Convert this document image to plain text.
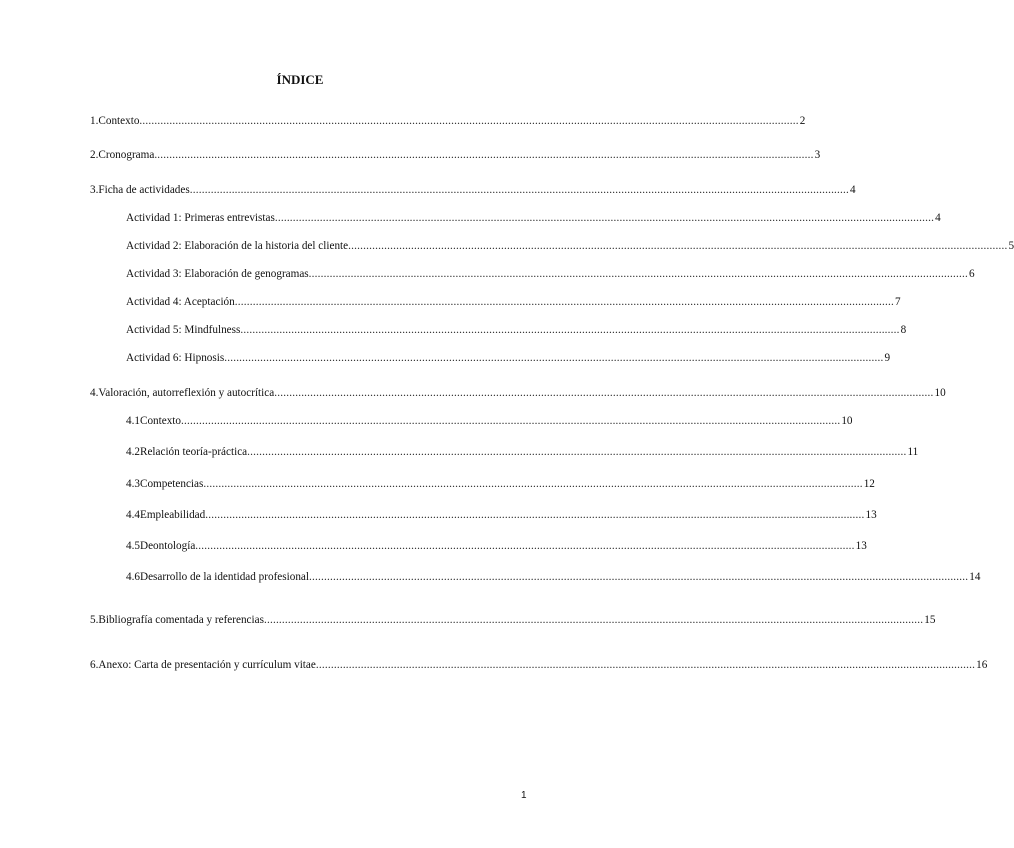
ÍNDICE
1. Contexto ............................................................................................................................................................................................................................ 2
2. Cronograma ............................................................................................................................................................................................................................ 3
3. Ficha de actividades ............................................................................................................................................................................................................................ 4
Actividad 1: Primeras entrevistas ............................................................................................................................................................................................................................ 4
Actividad 2: Elaboración de la historia del cliente ............................................................................................................................................................................................................................ 5
Actividad 3: Elaboración de genogramas ............................................................................................................................................................................................................................ 6
Actividad 4: Aceptación ............................................................................................................................................................................................................................ 7
Actividad 5: Mindfulness ............................................................................................................................................................................................................................ 8
Actividad 6: Hipnosis ............................................................................................................................................................................................................................ 9
4. Valoración, autorreflexión y autocrítica ............................................................................................................................................................................................................................ 10
4.1 Contexto ............................................................................................................................................................................................................................ 10
4.2 Relación teoría-práctica ............................................................................................................................................................................................................................ 11
4.3 Competencias ............................................................................................................................................................................................................................ 12
4.4 Empleabilidad ............................................................................................................................................................................................................................ 13
4.5 Deontología ............................................................................................................................................................................................................................ 13
4.6 Desarrollo de la identidad profesional ............................................................................................................................................................................................................................ 14
5. Bibliografía comentada y referencias ............................................................................................................................................................................................................................ 15
6. Anexo: Carta de presentación y currículum vitae ............................................................................................................................................................................................................................ 16
1
